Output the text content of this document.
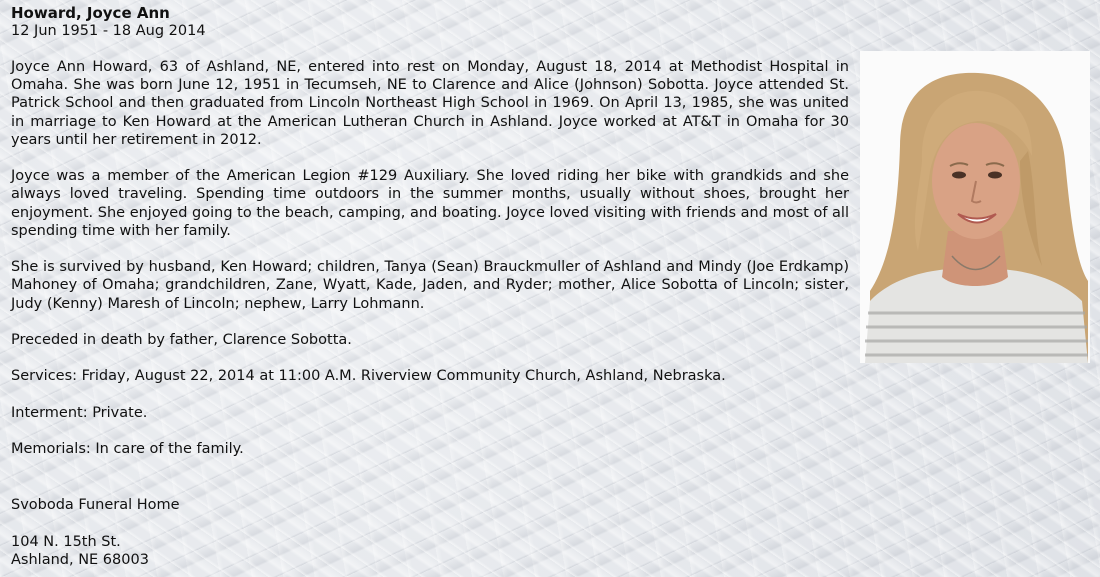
Howard, Joyce Ann
12 Jun 1951 - 18 Aug 2014

Joyce Ann Howard, 63 of Ashland, NE, entered into rest on Monday, August 18, 2014 at Methodist Hospital in Omaha. She was born June 12, 1951 in Tecumseh, NE to Clarence and Alice (Johnson) Sobotta. Joyce attended St. Patrick School and then graduated from Lincoln Northeast High School in 1969. On April 13, 1985, she was united in marriage to Ken Howard at the American Lutheran Church in Ashland. Joyce worked at AT&T in Omaha for 30 years until her retirement in 2012.

Joyce was a member of the American Legion #129 Auxiliary. She loved riding her bike with grandkids and she always loved traveling. Spending time outdoors in the summer months, usually without shoes, brought her enjoyment. She enjoyed going to the beach, camping, and boating. Joyce loved visiting with friends and most of all spending time with her family.

She is survived by husband, Ken Howard; children, Tanya (Sean) Brauckmuller of Ashland and Mindy (Joe Erdkamp) Mahoney of Omaha; grandchildren, Zane, Wyatt, Kade, Jaden, and Ryder; mother, Alice Sobotta of Lincoln; sister, Judy (Kenny) Maresh of Lincoln; nephew, Larry Lohmann.

Preceded in death by father, Clarence Sobotta.

Services: Friday, August 22, 2014 at 11:00 A.M. Riverview Community Church, Ashland, Nebraska.

Interment: Private.

Memorials: In care of the family.

Svoboda Funeral Home
104 N. 15th St.
Ashland, NE 68003
